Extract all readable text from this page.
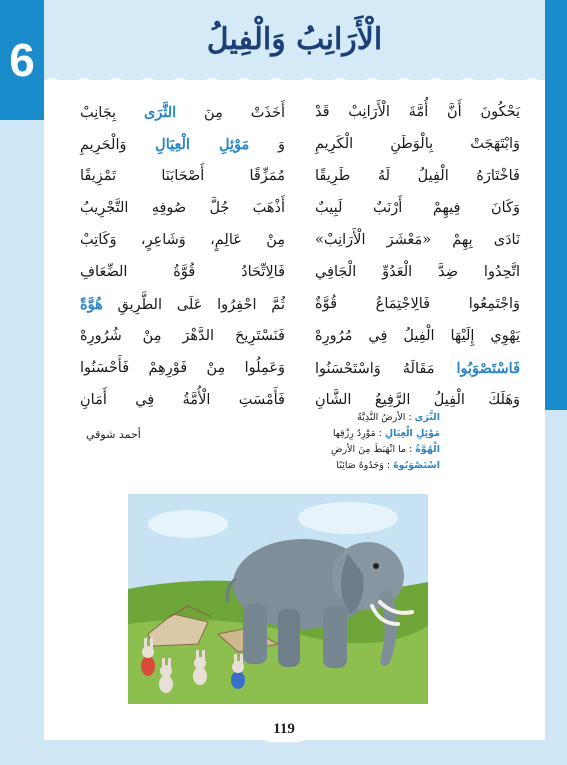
6	الْأَرَانِبُ وَالْفِيلُ
يَحْكُونَ أَنَّ أُمَّةَ الْأَرَانِبْ قَدْ
أَخَذَتْ مِنَ الثَّرَى بِجَانِبْ
وَابْتَهَجَتْ بِالْوَطَنِ الْكَرِيمِ
وَ مَوْئِلِ الْعِيَالِ وَالْحَرِيمِ
فَاخْتَارَهُ الْفِيلُ لَهُ طَرِيقًا
مُمَزِّقًا أَصْحَابَنَا تَمْزِيقًا
وَكَانَ فِيهِمْ أَرْنَبٌ لَبِيبٌ
أَذْهَبَ جُلَّ صُوفِهِ التَّجْرِيبُ
نَادَى بِهِمْ «مَعْشَرَ الْأَرَانِبْ»
مِنْ عَالِمٍ، وَشَاعِرٍ، وَكَاتِبْ
اتَّحِدُوا ضِدَّ الْعَدُوِّ الْجَافِي
فَالِاتِّحَادُ قُوَّةُ الضِّعَافِ
وَاجْتَمِعُوا فَالِاجْتِمَاعُ قُوَّةٌ
ثُمَّ احْفِرُوا عَلَى الطَّرِيقِ هُوَّةً
يَهْوِي إِلَيْهَا الْفِيلُ فِي مُرُورِهْ
فَنَسْتَرِيحَ الدَّهْرَ مِنْ شُرُورِهْ
فَاسْتَصْوَبُوا مَقَالَهُ وَاسْتَحْسَنُوا
وَعَمِلُوا مِنْ فَوْرِهِمْ فَأَحْسَنُوا
وَهَلَكَ الْفِيلُ الرَّفِيعُ الشَّانِ
فَأَمْسَتِ الْأُمَّةُ فِي أَمَانِ
الثَّرَى : الأرضُ النَّدِيَّةُ
مَوْئِلِ الْعِيَالِ : مَوْرِدُ رِزْقِها
الْهُوَّةُ : ما انْهَبَطَ مِنَ الأرضِ
اسْتَصْوَبُوهُ : وَجَدُوهُ صَائِبًا
أحمد شوقي
119
